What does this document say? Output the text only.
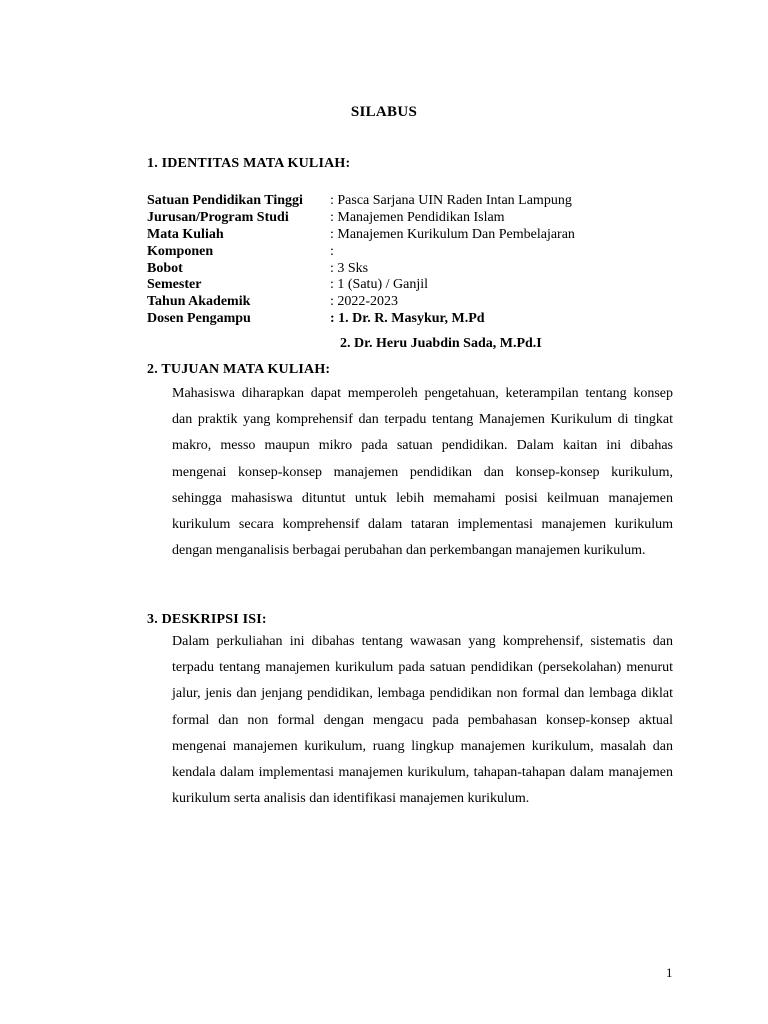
SILABUS
1. IDENTITAS MATA KULIAH:
Satuan Pendidikan Tinggi	: Pasca Sarjana UIN Raden Intan Lampung
Jurusan/Program Studi	: Manajemen Pendidikan Islam
Mata Kuliah	: Manajemen Kurikulum Dan Pembelajaran
Komponen	:
Bobot	: 3 Sks
Semester	: 1 (Satu) / Ganjil
Tahun Akademik	: 2022-2023
Dosen Pengampu	: 1. Dr. R. Masykur, M.Pd
2. Dr. Heru Juabdin Sada, M.Pd.I
2. TUJUAN MATA KULIAH:

Mahasiswa diharapkan dapat memperoleh pengetahuan, keterampilan tentang konsep dan praktik yang komprehensif dan terpadu tentang Manajemen Kurikulum di tingkat makro, messo maupun mikro pada satuan pendidikan. Dalam kaitan ini dibahas mengenai konsep-konsep manajemen pendidikan dan konsep-konsep kurikulum, sehingga mahasiswa dituntut untuk lebih memahami posisi keilmuan manajemen kurikulum secara komprehensif dalam tataran implementasi manajemen kurikulum dengan menganalisis berbagai perubahan dan perkembangan manajemen kurikulum.

3. DESKRIPSI ISI:

Dalam perkuliahan ini dibahas tentang wawasan yang komprehensif, sistematis dan terpadu tentang manajemen kurikulum pada satuan pendidikan (persekolahan) menurut jalur, jenis dan jenjang pendidikan, lembaga pendidikan non formal dan lembaga diklat formal dan non formal dengan mengacu pada pembahasan konsep-konsep aktual mengenai manajemen kurikulum, ruang lingkup manajemen kurikulum, masalah dan kendala dalam implementasi manajemen kurikulum, tahapan-tahapan dalam manajemen kurikulum serta analisis dan identifikasi manajemen kurikulum.

1
